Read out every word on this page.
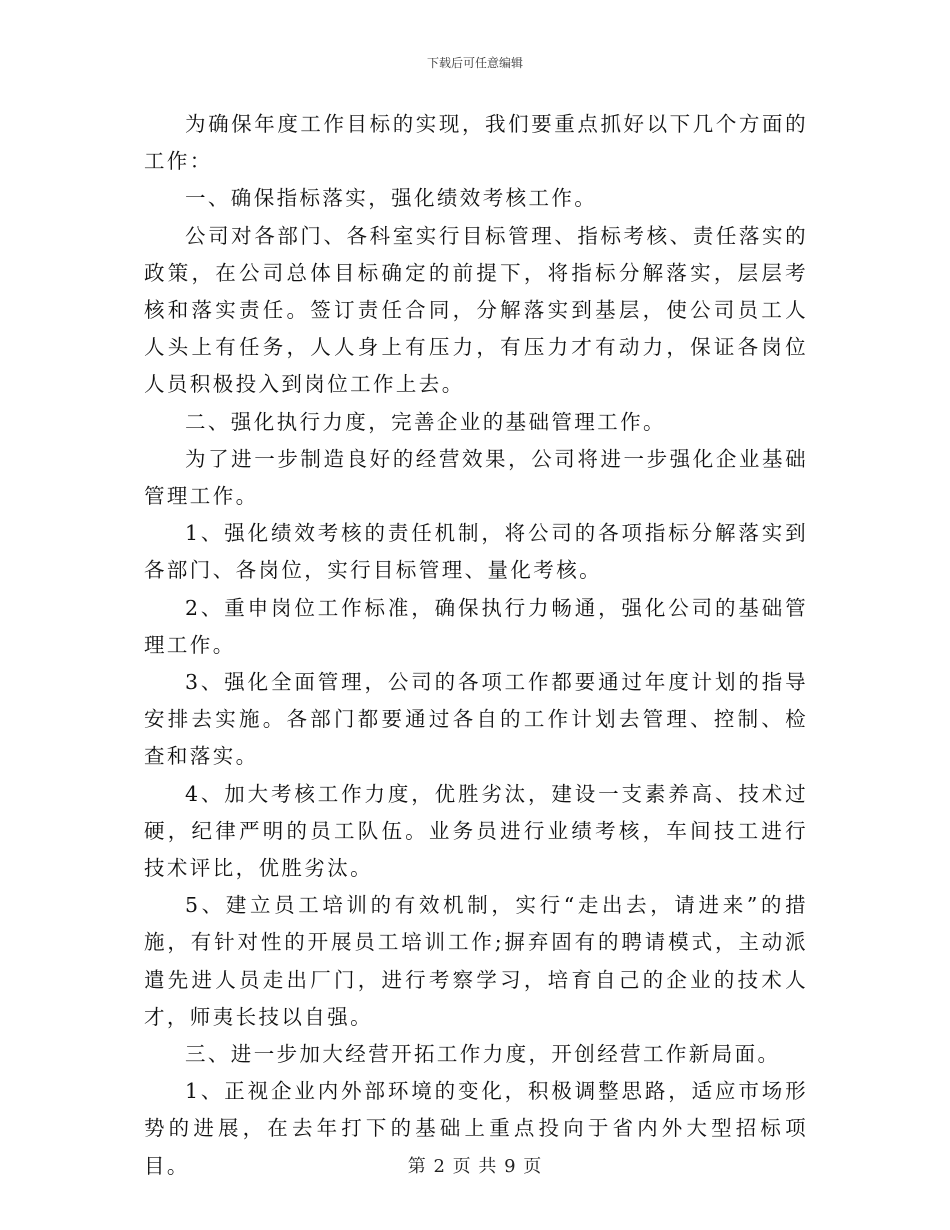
下载后可任意编辑

为确保年度工作目标的实现，我们要重点抓好以下几个方面的工作：

一、确保指标落实，强化绩效考核工作。

公司对各部门、各科室实行目标管理、指标考核、责任落实的政策，在公司总体目标确定的前提下，将指标分解落实，层层考核和落实责任。签订责任合同，分解落实到基层，使公司员工人人头上有任务，人人身上有压力，有压力才有动力，保证各岗位人员积极投入到岗位工作上去。

二、强化执行力度，完善企业的基础管理工作。

为了进一步制造良好的经营效果，公司将进一步强化企业基础管理工作。

1、强化绩效考核的责任机制，将公司的各项指标分解落实到各部门、各岗位，实行目标管理、量化考核。

2、重申岗位工作标准，确保执行力畅通，强化公司的基础管理工作。

3、强化全面管理，公司的各项工作都要通过年度计划的指导安排去实施。各部门都要通过各自的工作计划去管理、控制、检查和落实。

4、加大考核工作力度，优胜劣汰，建设一支素养高、技术过硬，纪律严明的员工队伍。业务员进行业绩考核，车间技工进行技术评比，优胜劣汰。

5、建立员工培训的有效机制，实行“走出去，请进来”的措施，有针对性的开展员工培训工作;摒弃固有的聘请模式，主动派遣先进人员走出厂门，进行考察学习，培育自己的企业的技术人才，师夷长技以自强。

三、进一步加大经营开拓工作力度，开创经营工作新局面。

1、正视企业内外部环境的变化，积极调整思路，适应市场形势的进展，在去年打下的基础上重点投向于省内外大型招标项目。	第 2 页 共 9 页
